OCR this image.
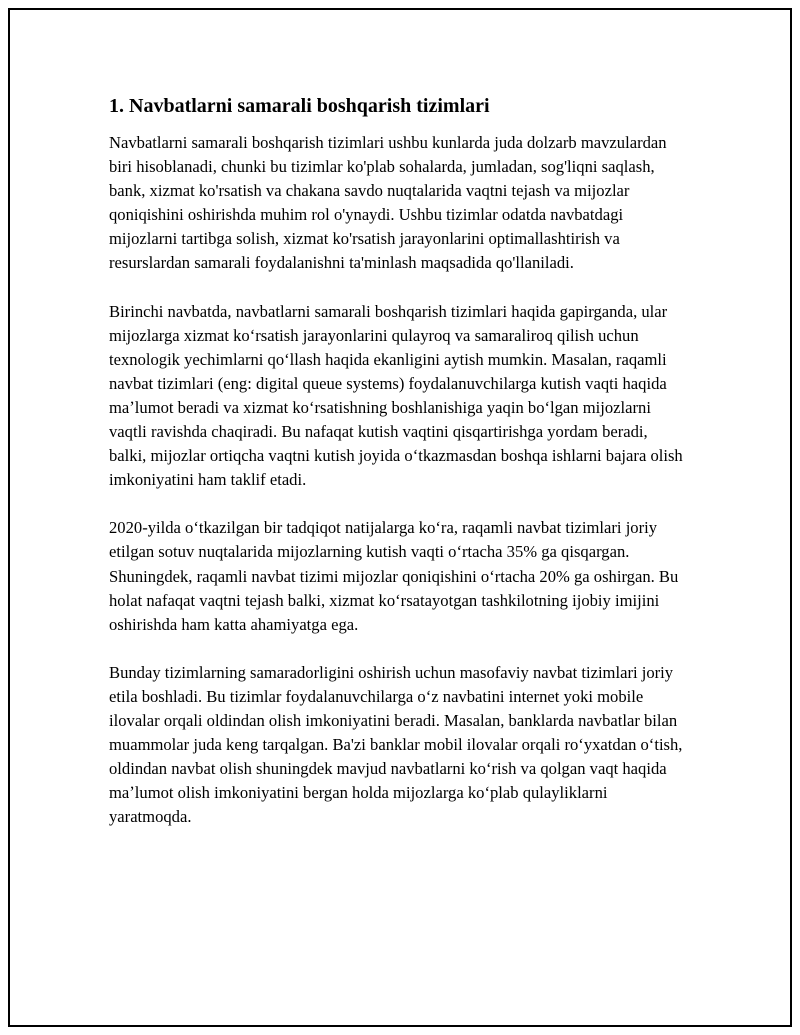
1. Navbatlarni samarali boshqarish tizimlari

Navbatlarni samarali boshqarish tizimlari ushbu kunlarda juda dolzarb mavzulardan biri hisoblanadi, chunki bu tizimlar ko'plab sohalarda, jumladan, sog'liqni saqlash, bank, xizmat ko'rsatish va chakana savdo nuqtalarida vaqtni tejash va mijozlar qoniqishini oshirishda muhim rol o'ynaydi. Ushbu tizimlar odatda navbatdagi mijozlarni tartibga solish, xizmat ko'rsatish jarayonlarini optimallashtirish va resurslardan samarali foydalanishni ta'minlash maqsadida qo'llaniladi.

Birinchi navbatda, navbatlarni samarali boshqarish tizimlari haqida gapirganda, ular mijozlarga xizmat koʻrsatish jarayonlarini qulayroq va samaraliroq qilish uchun texnologik yechimlarni qoʻllash haqida ekanligini aytish mumkin. Masalan, raqamli navbat tizimlari (eng: digital queue systems) foydalanuvchilarga kutish vaqti haqida maʼlumot beradi va xizmat koʻrsatishning boshlanishiga yaqin boʻlgan mijozlarni vaqtli ravishda chaqiradi. Bu nafaqat kutish vaqtini qisqartirishga yordam beradi, balki, mijozlar ortiqcha vaqtni kutish joyida oʻtkazmasdan boshqa ishlarni bajara olish imkoniyatini ham taklif etadi.

2020-yilda oʻtkazilgan bir tadqiqot natijalarga koʻra, raqamli navbat tizimlari joriy etilgan sotuv nuqtalarida mijozlarning kutish vaqti oʻrtacha 35% ga qisqargan. Shuningdek, raqamli navbat tizimi mijozlar qoniqishini oʻrtacha 20% ga oshirgan. Bu holat nafaqat vaqtni tejash balki, xizmat koʻrsatayotgan tashkilotning ijobiy imijini oshirishda ham katta ahamiyatga ega.

Bunday tizimlarning samaradorligini oshirish uchun masofaviy navbat tizimlari joriy etila boshladi. Bu tizimlar foydalanuvchilarga oʻz navbatini internet yoki mobile ilovalar orqali oldindan olish imkoniyatini beradi. Masalan, banklarda navbatlar bilan muammolar juda keng tarqalgan. Ba'zi banklar mobil ilovalar orqali roʻyxatdan oʻtish, oldindan navbat olish shuningdek mavjud navbatlarni koʻrish va qolgan vaqt haqida maʼlumot olish imkoniyatini bergan holda mijozlarga koʻplab qulayliklarni yaratmoqda.
